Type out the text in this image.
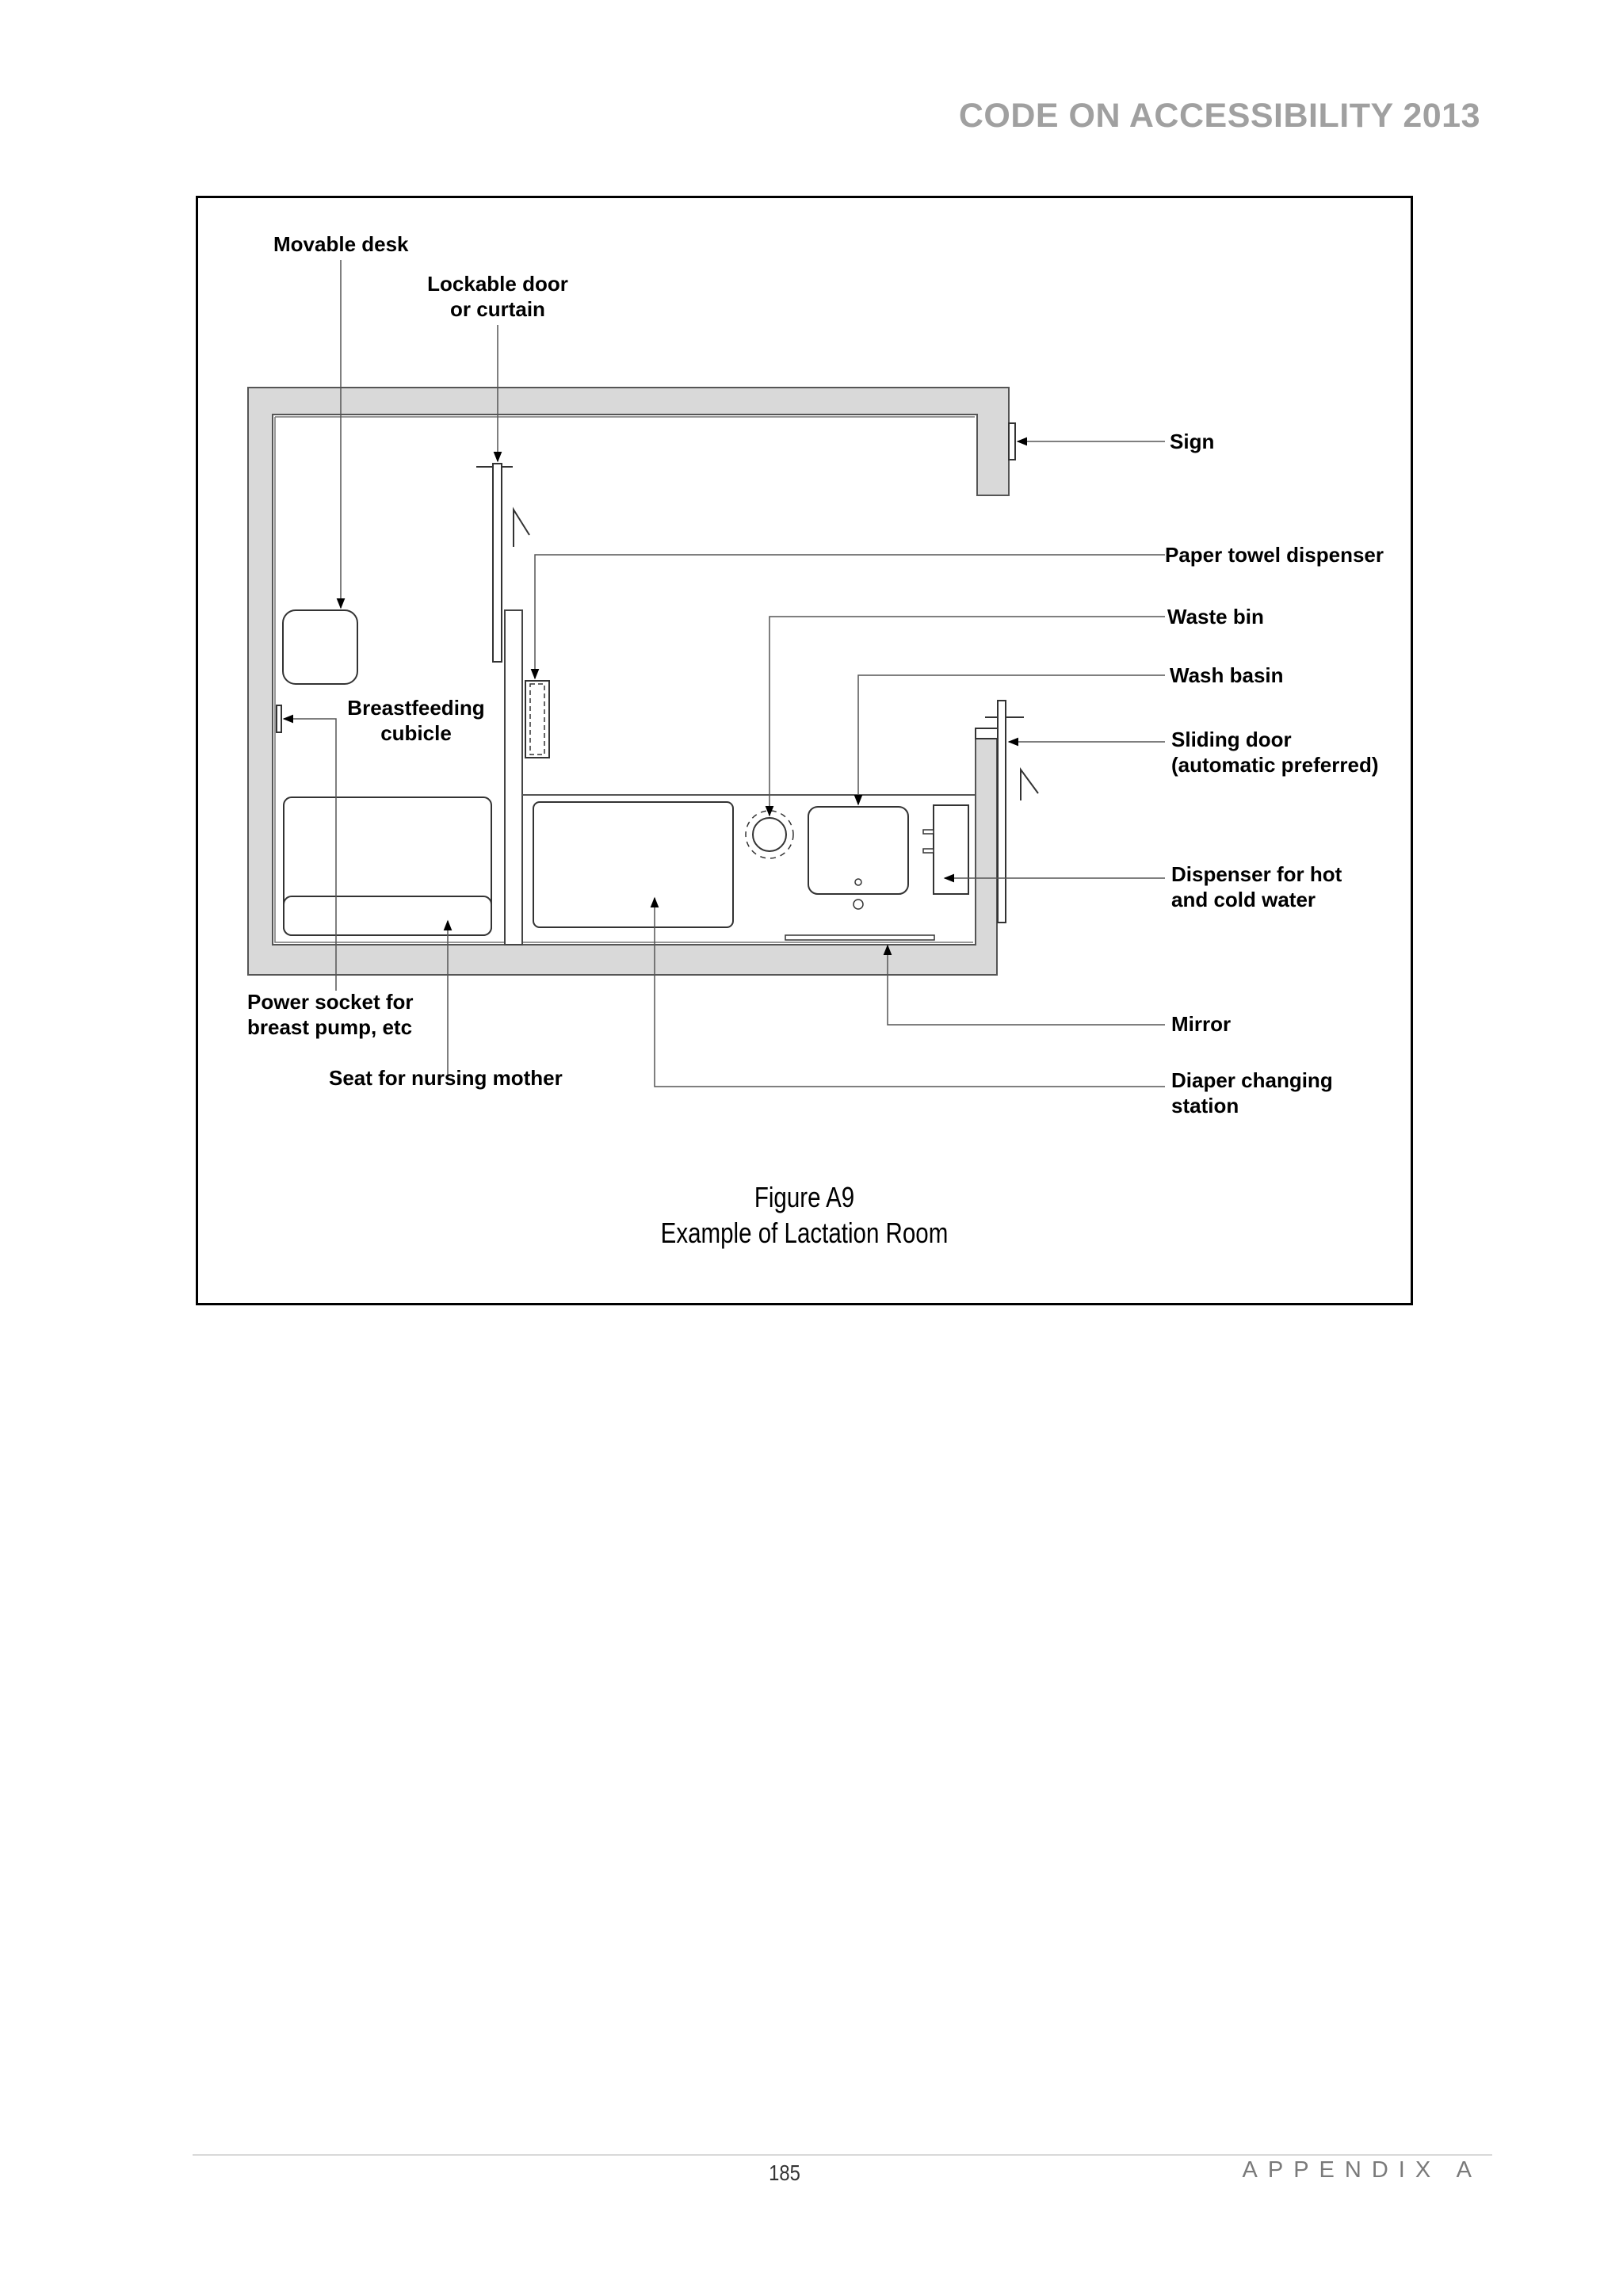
CODE ON ACCESSIBILITY 2013
Movable desk
Lockable door
or curtain
Sign
Paper towel dispenser
Waste bin
Wash basin
Sliding door
(automatic preferred)
Breastfeeding
cubicle
Dispenser for hot
and cold water
Power socket for
breast pump, etc	Mirror
Seat for nursing mother	Diaper changing
station
Figure A9
Example of Lactation Room
185	APPENDIX A
